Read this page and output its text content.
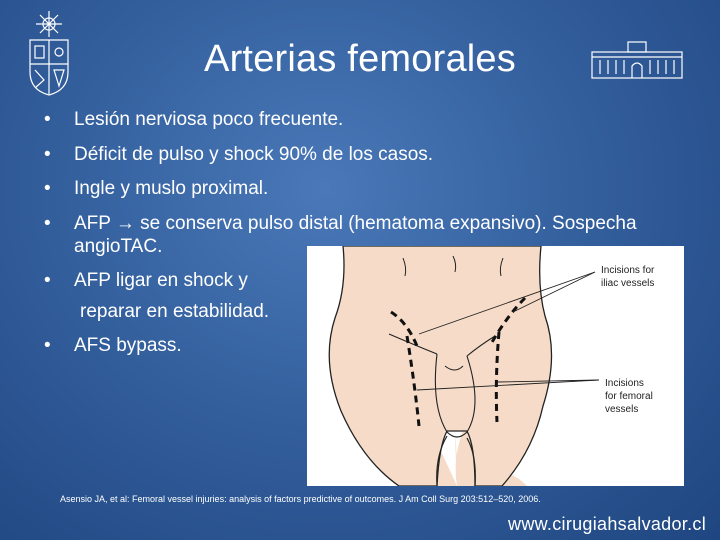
Arterias femorales
• Lesión nerviosa poco frecuente.
• Déficit de pulso y shock 90% de los casos.
• Ingle y muslo proximal.
• AFP → se conserva pulso distal (hematoma expansivo). Sospecha angioTAC.
• AFP ligar en shock y
reparar en estabilidad.
• AFS bypass.
Incisions for
iliac vessels
Incisions
for femoral
vessels
Asensio JA, et al: Femoral vessel injuries: analysis of factors predictive of outcomes. J Am Coll Surg 203:512–520, 2006.
www.cirugiahsalvador.cl
